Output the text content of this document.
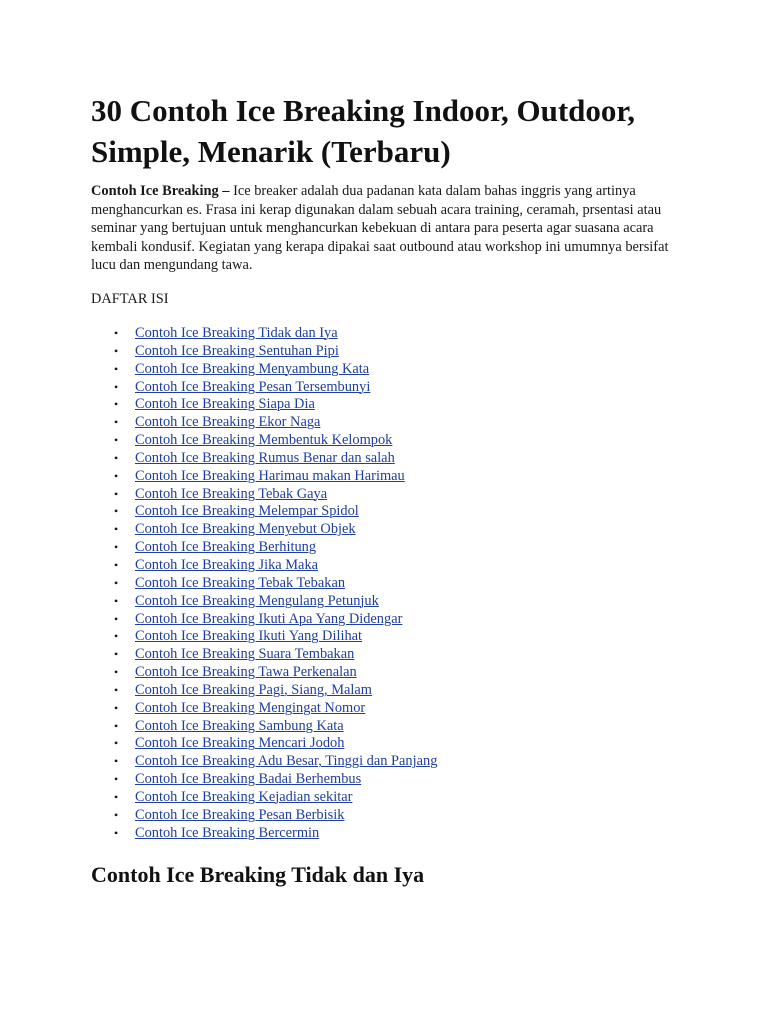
30 Contoh Ice Breaking Indoor, Outdoor, Simple, Menarik (Terbaru)

Contoh Ice Breaking – Ice breaker adalah dua padanan kata dalam bahas inggris yang artinya menghancurkan es. Frasa ini kerap digunakan dalam sebuah acara training, ceramah, prsentasi atau seminar yang bertujuan untuk menghancurkan kebekuan di antara para peserta agar suasana acara kembali kondusif. Kegiatan yang kerapa dipakai saat outbound atau workshop ini umumnya bersifat lucu dan mengundang tawa.

DAFTAR ISI

• Contoh Ice Breaking Tidak dan Iya
• Contoh Ice Breaking Sentuhan Pipi
• Contoh Ice Breaking Menyambung Kata
• Contoh Ice Breaking Pesan Tersembunyi
• Contoh Ice Breaking Siapa Dia
• Contoh Ice Breaking Ekor Naga
• Contoh Ice Breaking Membentuk Kelompok
• Contoh Ice Breaking Rumus Benar dan salah
• Contoh Ice Breaking Harimau makan Harimau
• Contoh Ice Breaking Tebak Gaya
• Contoh Ice Breaking Melempar Spidol
• Contoh Ice Breaking Menyebut Objek
• Contoh Ice Breaking Berhitung
• Contoh Ice Breaking Jika Maka
• Contoh Ice Breaking Tebak Tebakan
• Contoh Ice Breaking Mengulang Petunjuk
• Contoh Ice Breaking Ikuti Apa Yang Didengar
• Contoh Ice Breaking Ikuti Yang Dilihat
• Contoh Ice Breaking Suara Tembakan
• Contoh Ice Breaking Tawa Perkenalan
• Contoh Ice Breaking Pagi, Siang, Malam
• Contoh Ice Breaking Mengingat Nomor
• Contoh Ice Breaking Sambung Kata
• Contoh Ice Breaking Mencari Jodoh
• Contoh Ice Breaking Adu Besar, Tinggi dan Panjang
• Contoh Ice Breaking Badai Berhembus
• Contoh Ice Breaking Kejadian sekitar
• Contoh Ice Breaking Pesan Berbisik
• Contoh Ice Breaking Bercermin
Contoh Ice Breaking Tidak dan Iya
